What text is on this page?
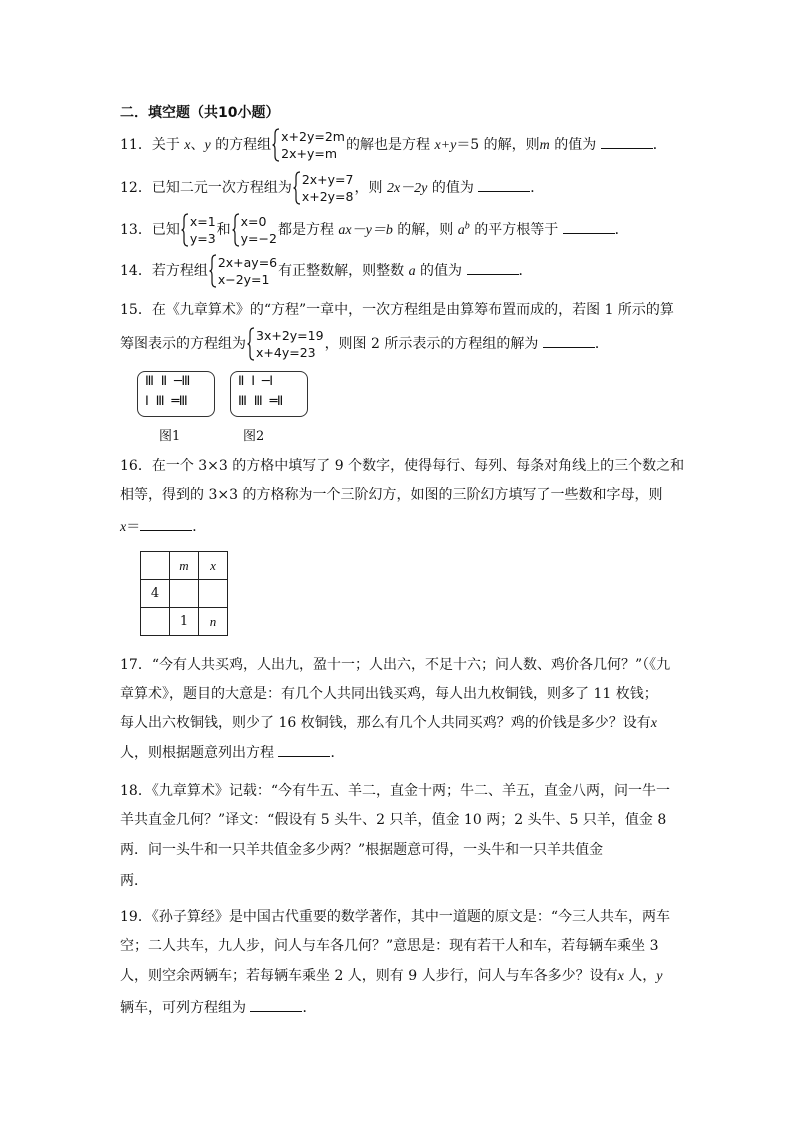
二．填空题（共10小题）
11．关于 x、y 的方程组
x+2y=2m
2x+y=m
的解也是方程 x+y＝5 的解，则m 的值为	．
12．已知二元一次方程组为
2x+y=7
x+2y=8
，则 2x－2y 的值为	．
13．已知
x=1
y=3
和
x=0
y=−2
都是方程 ax－y＝b 的解，则 $a^b$ 的平方根等于	．
14．若方程组
2x+ay=6
x−2y=1
有正整数解，则整数 a 的值为	．
15．在《九章算术》的“方程”一章中，一次方程组是由算筹布置而成的，若图 1 所示的算
筹图表示的方程组为
3x+2y=19
x+4y=23
，则图 2 所示表示的方程组的解为	．
Ⅲ Ⅱ ─Ⅲ
Ⅰ Ⅲ ═Ⅲ
图1
Ⅱ Ⅰ ─Ⅰ
Ⅲ Ⅲ ═Ⅱ
图2
16．在一个 3×3 的方格中填写了 9 个数字，使得每行、每列、每条对角线上的三个数之和
相等，得到的 3×3 的方格称为一个三阶幻方，如图的三阶幻方填写了一些数和字母，则
x＝	．
	m	x
4		
	1	n
17．“今有人共买鸡，人出九，盈十一；人出六，不足十六；问人数、鸡价各几何？”（《九
章算术》，题目的大意是：有几个人共同出钱买鸡，每人出九枚铜钱，则多了 11 枚钱；
每人出六枚铜钱，则少了 16 枚铜钱，那么有几个人共同买鸡？鸡的价钱是多少？设有x
人，则根据题意列出方程	．
18．《九章算术》记载：“今有牛五、羊二，直金十两；牛二、羊五，直金八两，问一牛一
羊共直金几何？”译文：“假设有 5 头牛、2 只羊，值金 10 两；2 头牛、5 只羊，值金 8
两．问一头牛和一只羊共值金多少两？”根据题意可得，一头牛和一只羊共值金
两．
19．《孙子算经》是中国古代重要的数学著作，其中一道题的原文是：“今三人共车，两车
空；二人共车，九人步，问人与车各几何？”意思是：现有若干人和车，若每辆车乘坐 3
人，则空余两辆车；若每辆车乘坐 2 人，则有 9 人步行，问人与车各多少？设有x 人，y
辆车，可列方程组为	．
